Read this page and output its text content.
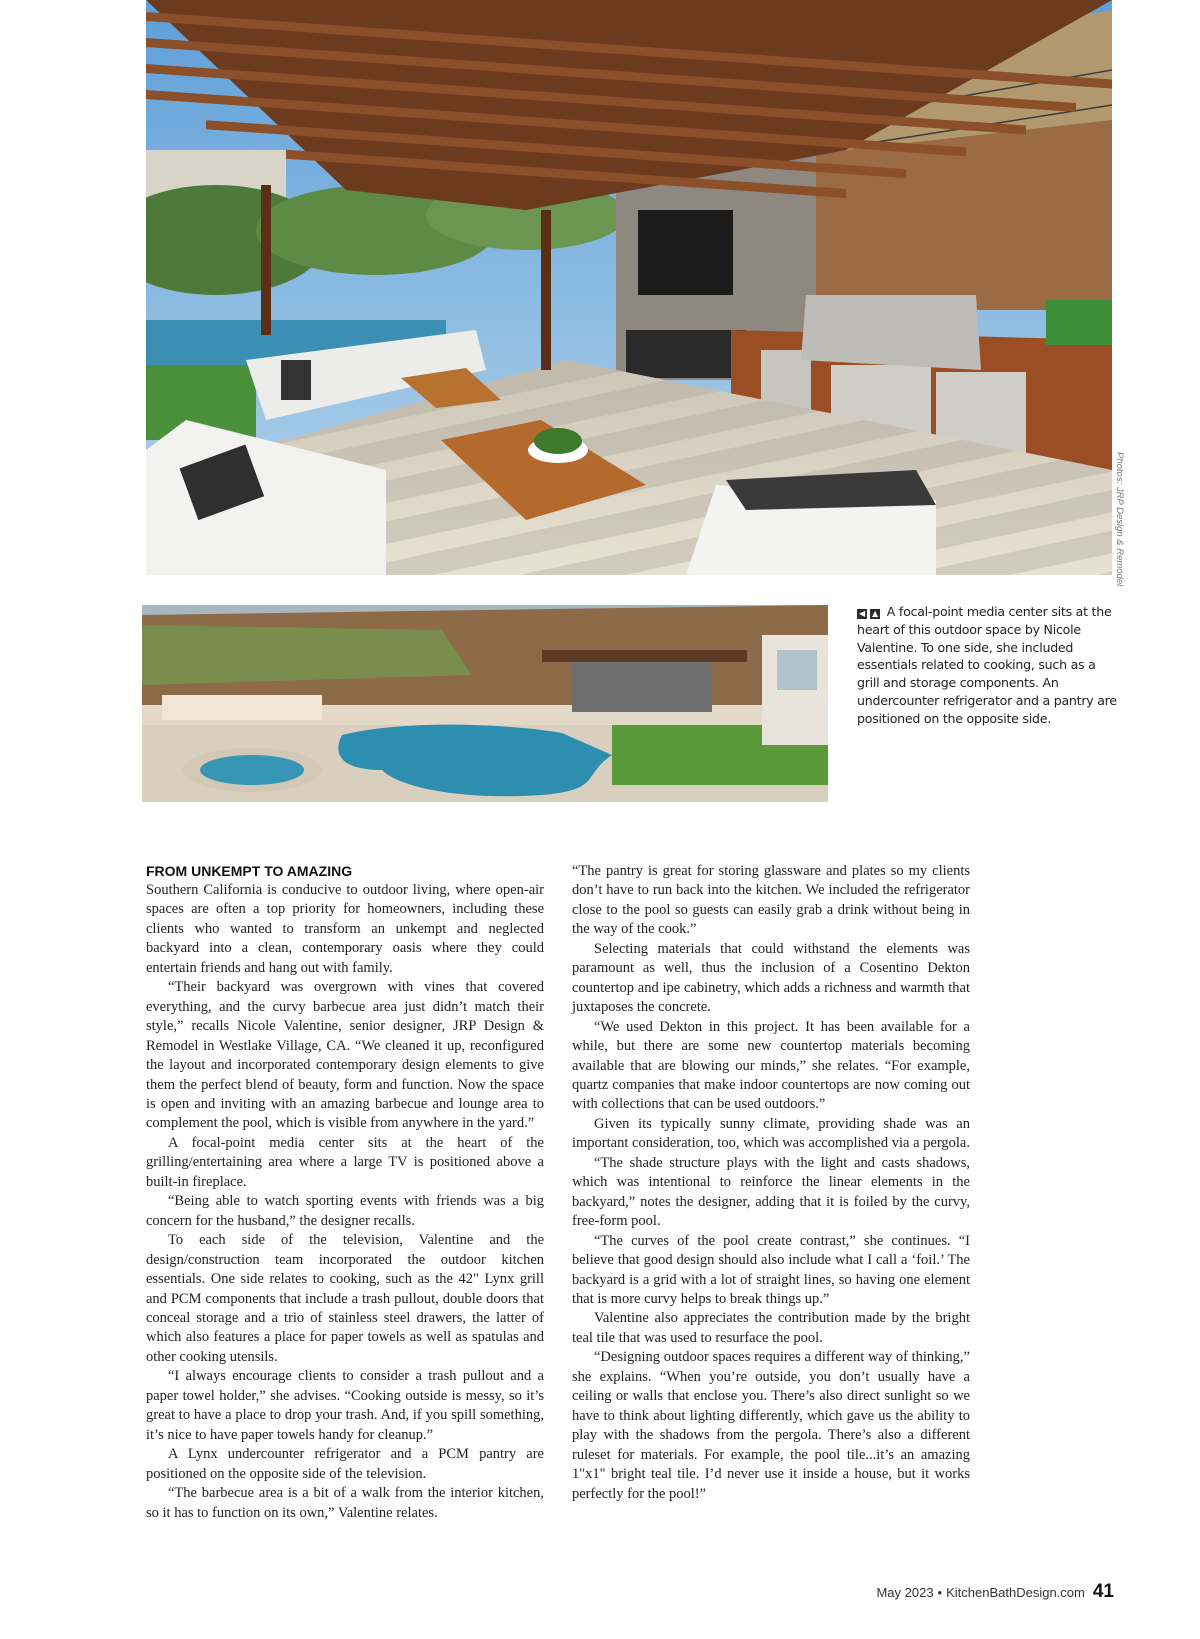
Photos: JRP Design & Remodel
◀ ▲ A focal-point media center sits at the heart of this outdoor space by Nicole Valentine. To one side, she included essentials related to cooking, such as a grill and storage components. An undercounter refrigerator and a pantry are positioned on the opposite side.
FROM UNKEMPT TO AMAZING

Southern California is conducive to outdoor living, where open-air spaces are often a top priority for homeowners, including these clients who wanted to transform an unkempt and neglected backyard into a clean, contemporary oasis where they could entertain friends and hang out with family.

“Their backyard was overgrown with vines that covered everything, and the curvy barbecue area just didn’t match their style,” recalls Nicole Valentine, senior designer, JRP Design & Remodel in Westlake Village, CA. “We cleaned it up, reconfigured the layout and incorporated contemporary design elements to give them the perfect blend of beauty, form and function. Now the space is open and inviting with an amazing barbecue and lounge area to complement the pool, which is visible from anywhere in the yard.”

A focal-point media center sits at the heart of the grilling/entertaining area where a large TV is positioned above a built-in fireplace.

“Being able to watch sporting events with friends was a big concern for the husband,” the designer recalls.

To each side of the television, Valentine and the design/construction team incorporated the outdoor kitchen essentials. One side relates to cooking, such as the 42" Lynx grill and PCM components that include a trash pullout, double doors that conceal storage and a trio of stainless steel drawers, the latter of which also features a place for paper towels as well as spatulas and other cooking utensils.

“I always encourage clients to consider a trash pullout and a paper towel holder,” she advises. “Cooking outside is messy, so it’s great to have a place to drop your trash. And, if you spill something, it’s nice to have paper towels handy for cleanup.”

A Lynx undercounter refrigerator and a PCM pantry are positioned on the opposite side of the television.

“The barbecue area is a bit of a walk from the interior kitchen, so it has to function on its own,” Valentine relates.

“The pantry is great for storing glassware and plates so my clients don’t have to run back into the kitchen. We included the refrigerator close to the pool so guests can easily grab a drink without being in the way of the cook.”

Selecting materials that could withstand the elements was paramount as well, thus the inclusion of a Cosentino Dekton countertop and ipe cabinetry, which adds a richness and warmth that juxtaposes the concrete.

“We used Dekton in this project. It has been available for a while, but there are some new countertop materials becoming available that are blowing our minds,” she relates. “For example, quartz companies that make indoor countertops are now coming out with collections that can be used outdoors.”

Given its typically sunny climate, providing shade was an important consideration, too, which was accomplished via a pergola.

“The shade structure plays with the light and casts shadows, which was intentional to reinforce the linear elements in the backyard,” notes the designer, adding that it is foiled by the curvy, free-form pool.

“The curves of the pool create contrast,” she continues. “I believe that good design should also include what I call a ‘foil.’ The backyard is a grid with a lot of straight lines, so having one element that is more curvy helps to break things up.”

Valentine also appreciates the contribution made by the bright teal tile that was used to resurface the pool.

“Designing outdoor spaces requires a different way of thinking,” she explains. “When you’re outside, you don’t usually have a ceiling or walls that enclose you. There’s also direct sunlight so we have to think about lighting differently, which gave us the ability to play with the shadows from the pergola. There’s also a different ruleset for materials. For example, the pool tile...it’s an amazing 1"x1" bright teal tile. I’d never use it inside a house, but it works perfectly for the pool!”

May 2023 • KitchenBathDesign.com 41
